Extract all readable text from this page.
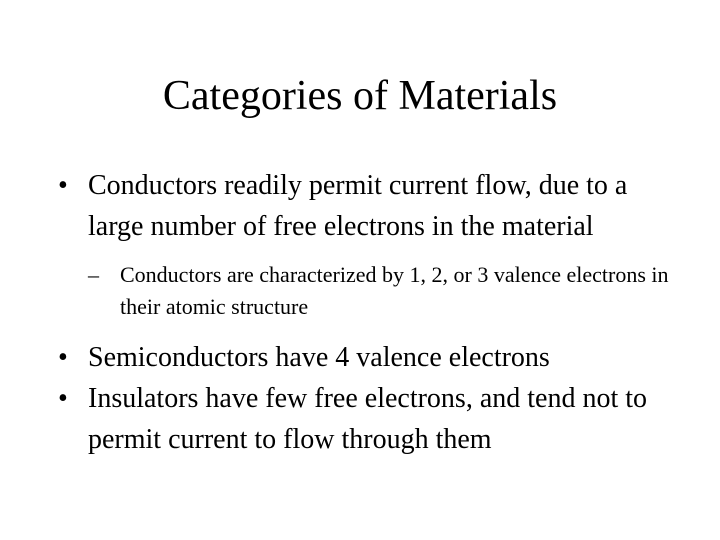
Categories of Materials
• Conductors readily permit current flow, due to a large number of free electrons in the material
– Conductors are characterized by 1, 2, or 3 valence electrons in their atomic structure
• Semiconductors have 4 valence electrons
• Insulators have few free electrons, and tend not to permit current to flow through them
